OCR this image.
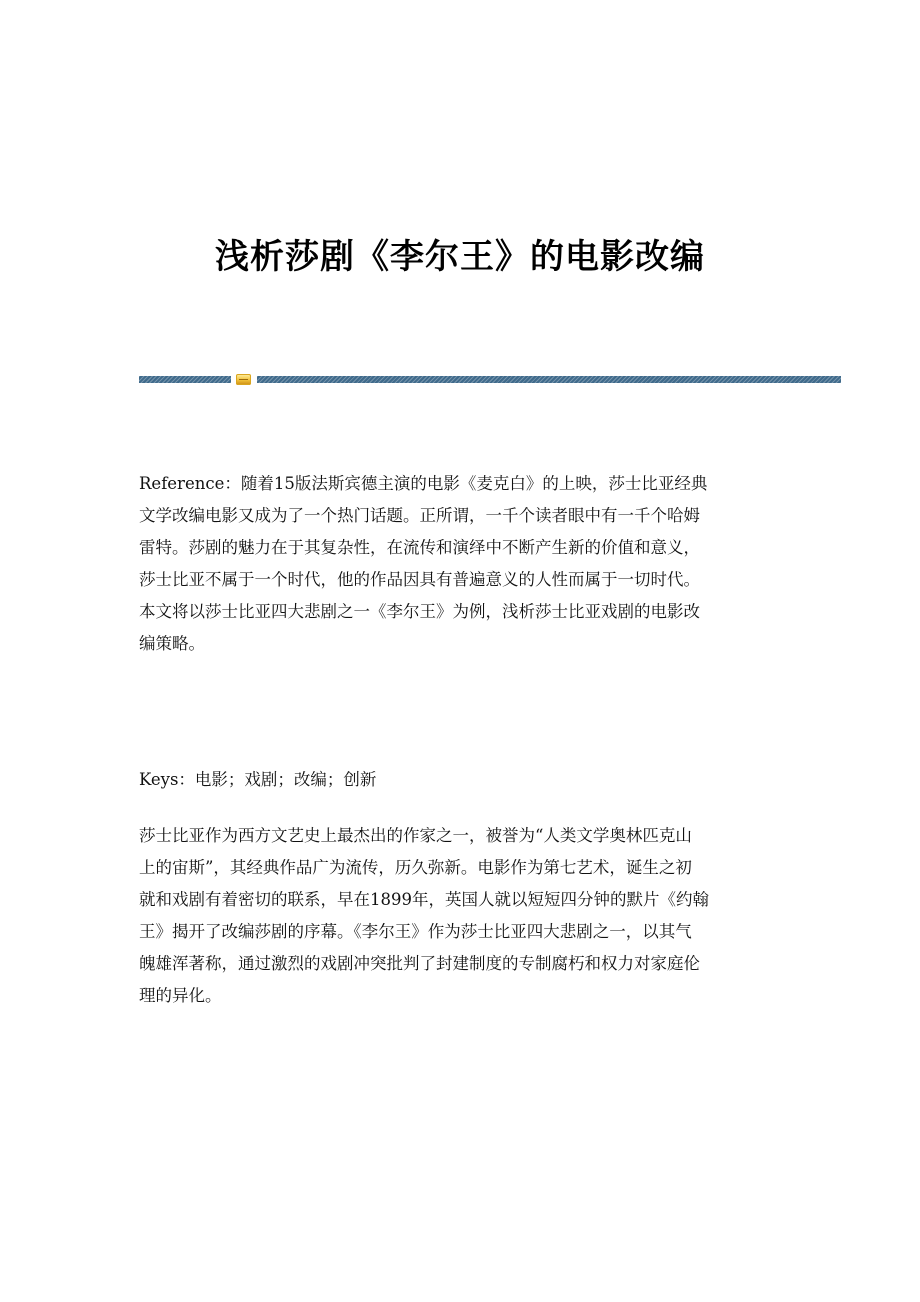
浅析莎剧《李尔王》的电影改编
Reference：随着15版法斯宾德主演的电影《麦克白》的上映，莎士比亚经典
文学改编电影又成为了一个热门话题。正所谓，一千个读者眼中有一千个哈姆
雷特。莎剧的魅力在于其复杂性，在流传和演绎中不断产生新的价值和意义，
莎士比亚不属于一个时代，他的作品因具有普遍意义的人性而属于一切时代。
本文将以莎士比亚四大悲剧之一《李尔王》为例，浅析莎士比亚戏剧的电影改
编策略。
Keys：电影；戏剧；改编；创新
莎士比亚作为西方文艺史上最杰出的作家之一，被誉为“人类文学奥林匹克山
上的宙斯”，其经典作品广为流传，历久弥新。电影作为第七艺术，诞生之初
就和戏剧有着密切的联系，早在1899年，英国人就以短短四分钟的默片《约翰
王》揭开了改编莎剧的序幕。《李尔王》作为莎士比亚四大悲剧之一，以其气
魄雄浑著称，通过激烈的戏剧冲突批判了封建制度的专制腐朽和权力对家庭伦
理的异化。
